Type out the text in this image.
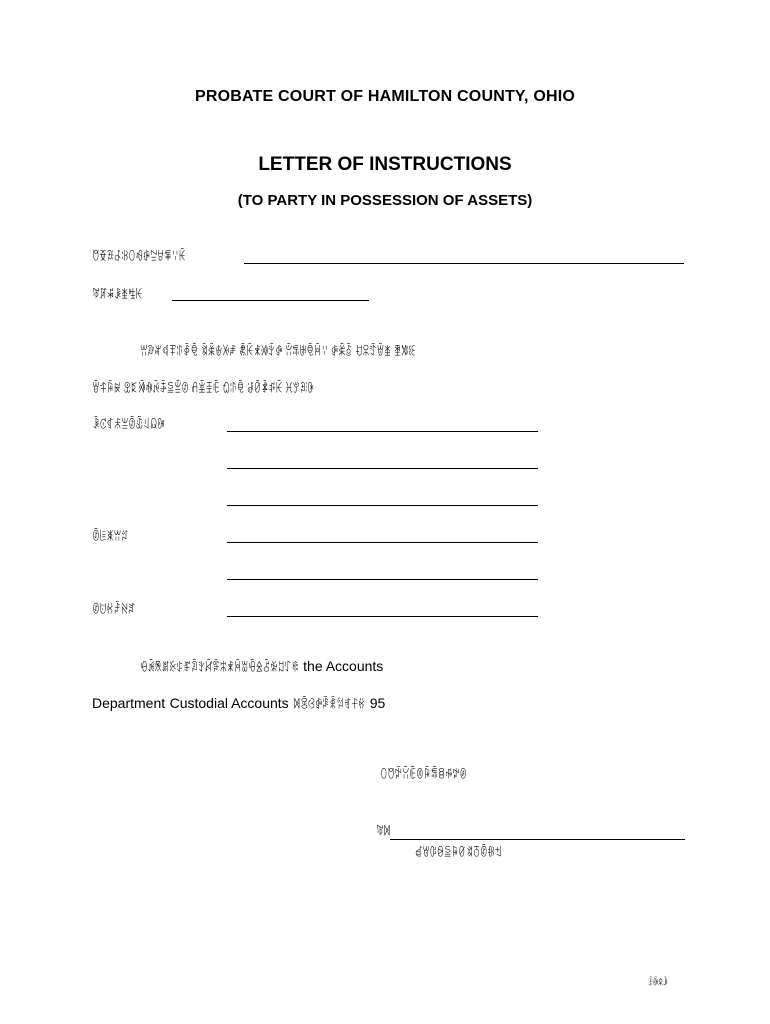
PROBATE COURT OF HAMILTON COUNTY, OHIO
LETTER OF INSTRUCTIONS
(TO PARTY IN POSSESSION OF ASSETS)
ꆧꆣꍃ꒭ꋰꄲꆂꄵꊂꀞꁉꈌꀗ
ꃥꊲꋩꀴꁧꊒꀘ
ꀕꊹꊍꈾꁻꃘꇈꋟ ꃕꆘꄃꅢꆫ ꉲꀗꍡꋆꇫꋤ ꂧꁄꋲꋟꃫꈌ ꋤꆘꋢ ꀀꈸꄷꇏꁧ ꄿꊧꆭ
ꇏꍋꋥꊡ ꀾꌅꋅꊿꉋꋵꍛꁇꊸ ꋬꃾꀨꍟ ꇺꃘꋟ ꂡꀛꄑꌭꀗ ꁝꇠꍃꀖ
ꀳꊐꁍꅬꁈꊷꉝꆹꆰꁏ
ꊷꇸꉛꀕꄂ
ꊸꌈꃛꄎꋊꆐ
ꀺꁛꍰꃑꊭꃈꍶꀢꇬꊜꅘꄼꍡꃫꋃꀹꊛꋺꆗꅓꇰꋷ the Accounts
Department Custodial Accounts ꁒꌲꃳꋤꄪꍢꅞꈦꊰꃛ 95
ꄲꆧꉡꃊꍟꇥꋥꁃꊞꆷꉢꌻ
ꃥꁒ
ꀸꇐꊢꆩꍛꋦꀜꃖꅂꊷꁆꉬ
ꌟꁎꍤꀳ
